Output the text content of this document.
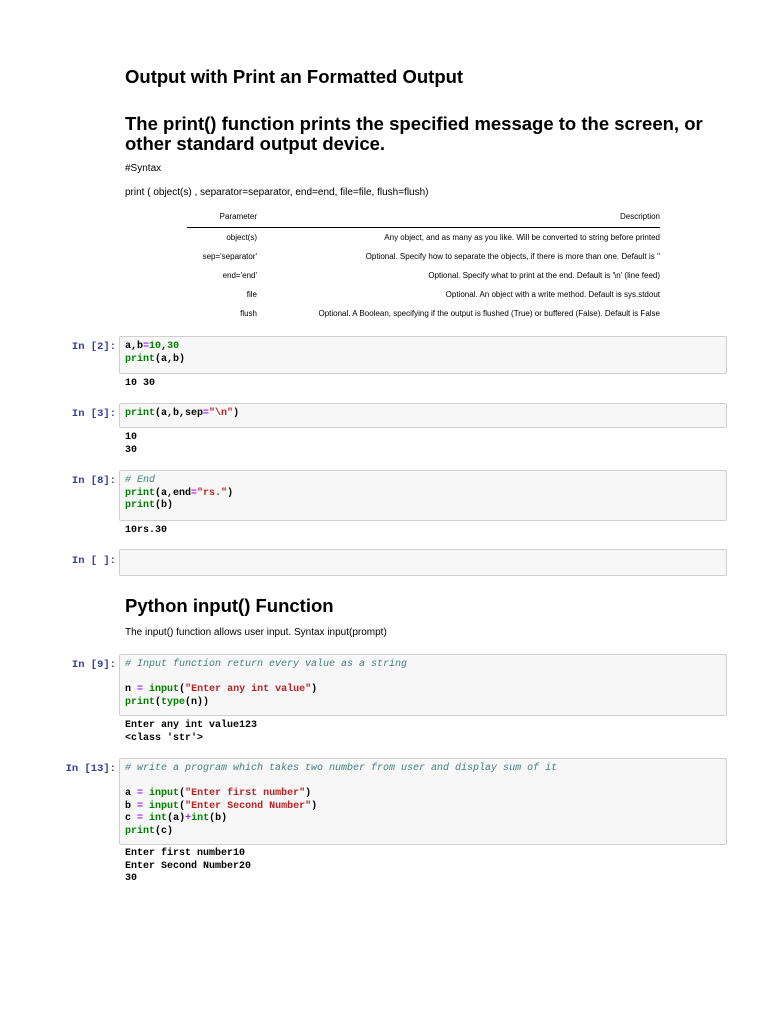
Output with Print an Formatted Output
The print() function prints the specified message to the screen, or other standard output device.
#Syntax
print ( object(s) , separator=separator, end=end, file=file, flush=flush)
Parameter	Description
object(s)	Any object, and as many as you like. Will be converted to string before printed
sep='separator'	Optional. Specify how to separate the objects, if there is more than one. Default is ''
end='end'	Optional. Specify what to print at the end. Default is '\n' (line feed)
file	Optional. An object with a write method. Default is sys.stdout
flush	Optional. A Boolean, specifying if the output is flushed (True) or buffered (False). Default is False
In [2]: a,b=10,30
print(a,b)
10 30
In [3]: print(a,b,sep="\n")
10
30
In [8]: # End
print(a,end="rs.")
print(b)
10rs.30
In [ ]:
Python input() Function
The input() function allows user input. Syntax input(prompt)
In [9]: # Input function return every value as a string

n = input("Enter any int value")
print(type(n))
Enter any int value123
<class 'str'>
In [13]: # write a program which takes two number from user and display sum of it

a = input("Enter first number")
b = input("Enter Second Number")
c = int(a)+int(b)
print(c)
Enter first number10
Enter Second Number20
30
